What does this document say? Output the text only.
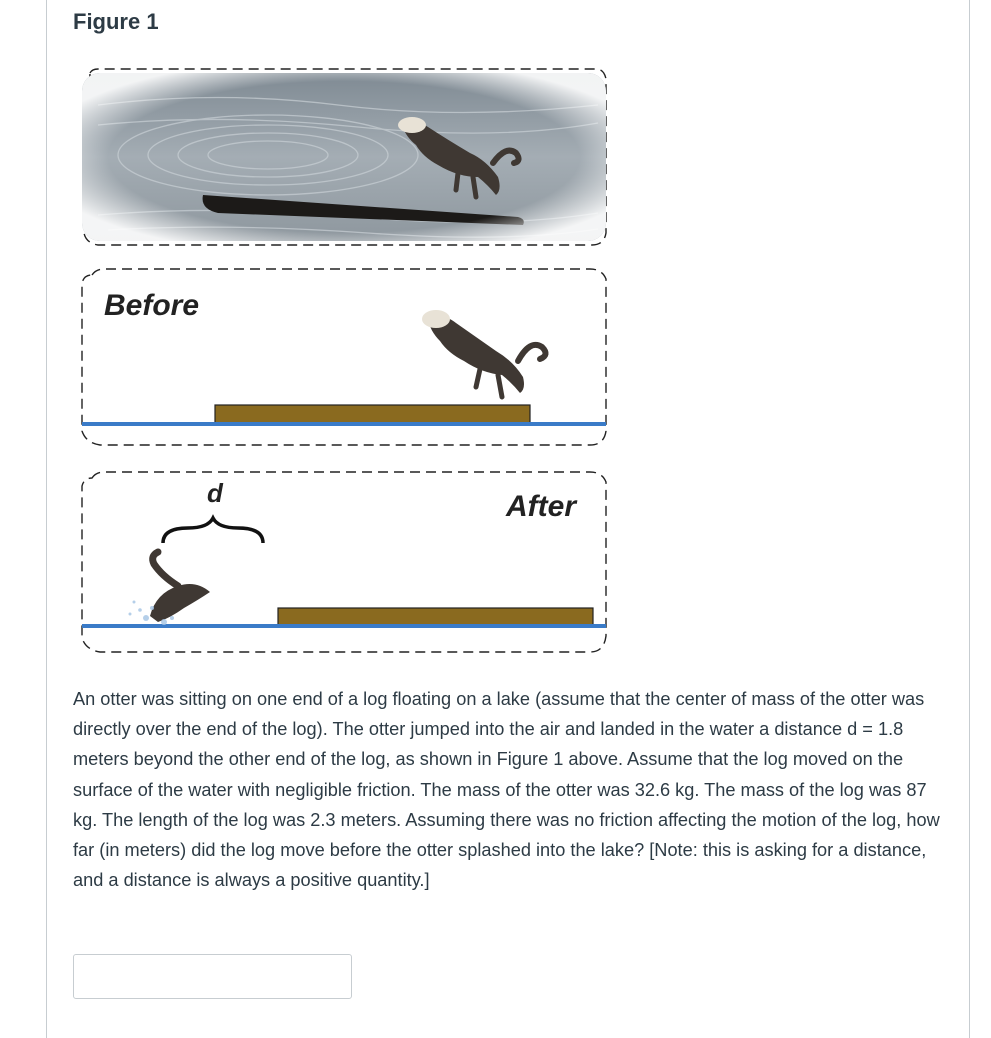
Figure 1
Before
d	After

An otter was sitting on one end of a log floating on a lake (assume that the center of mass of the otter was directly over the end of the log). The otter jumped into the air and landed in the water a distance d = 1.8 meters beyond the other end of the log, as shown in Figure 1 above. Assume that the log moved on the surface of the water with negligible friction. The mass of the otter was 32.6 kg. The mass of the log was 87 kg. The length of the log was 2.3 meters. Assuming there was no friction affecting the motion of the log, how far (in meters) did the log move before the otter splashed into the lake? [Note: this is asking for a distance, and a distance is always a positive quantity.]
